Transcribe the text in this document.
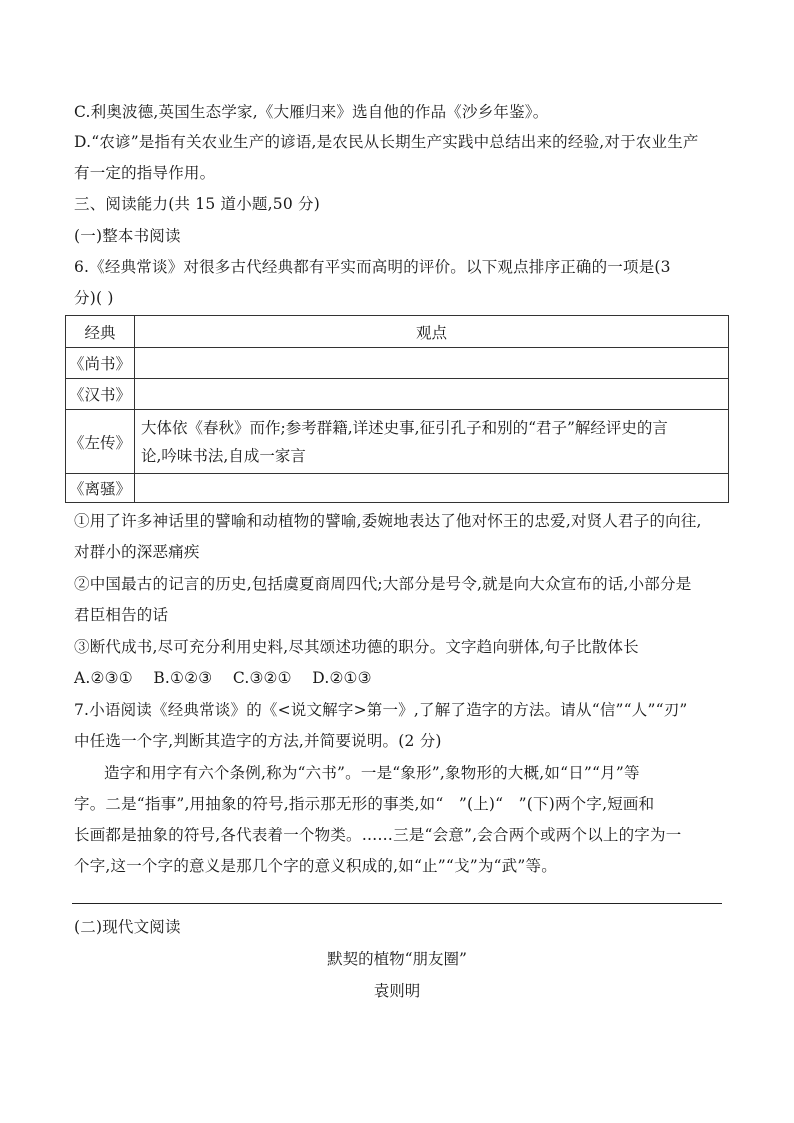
C.利奥波德,英国生态学家,《大雁归来》选自他的作品《沙乡年鉴》。
D.“农谚”是指有关农业生产的谚语,是农民从长期生产实践中总结出来的经验,对于农业生产
有一定的指导作用。
三、阅读能力(共 15 道小题,50 分)
(一)整本书阅读
6.《经典常谈》对很多古代经典都有平实而高明的评价。以下观点排序正确的一项是(3
分)( )
经典	观点
《尚书》	
《汉书》	
《左传》	大体依《春秋》而作;参考群籍,详述史事,征引孔子和别的“君子”解经评史的言
论,吟味书法,自成一家言

《离骚》	
①用了许多神话里的譬喻和动植物的譬喻,委婉地表达了他对怀王的忠爱,对贤人君子的向往,
对群小的深恶痛疾
②中国最古的记言的历史,包括虞夏商周四代;大部分是号令,就是向大众宣布的话,小部分是
君臣相告的话
③断代成书,尽可充分利用史料,尽其颂述功德的职分。文字趋向骈体,句子比散体长
A.②③①    B.①②③    C.③②①    D.②①③
7.小语阅读《经典常谈》的《<说文解字>第一》,了解了造字的方法。请从“信”“人”“刃”
中任选一个字,判断其造字的方法,并简要说明。(2 分)
造字和用字有六个条例,称为“六书”。一是“象形”,象物形的大概,如“日”“月”等
字。二是“指事”,用抽象的符号,指示那无形的事类,如“   ”(上)“   ”(下)两个字,短画和
长画都是抽象的符号,各代表着一个物类。……三是“会意”,会合两个或两个以上的字为一
个字,这一个字的意义是那几个字的意义积成的,如“止”“戈”为“武”等。
(二)现代文阅读
默契的植物“朋友圈”
袁则明
